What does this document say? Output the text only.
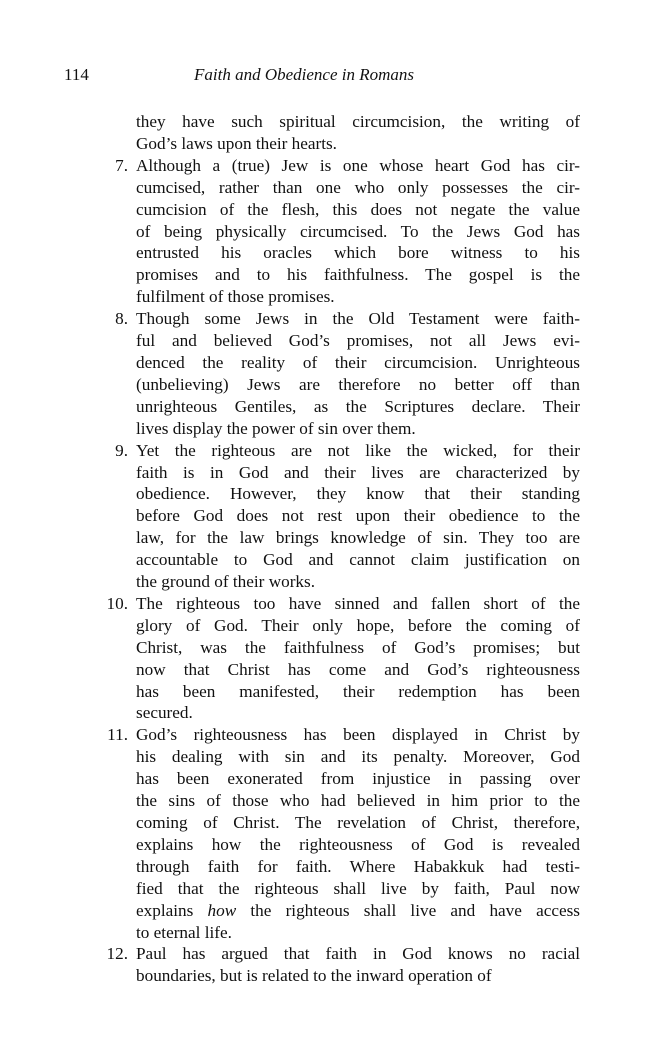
114	Faith and Obedience in Romans
they have such spiritual circumcision, the writing of
God’s laws upon their hearts.
7. Although a (true) Jew is one whose heart God has cir-
cumcised, rather than one who only possesses the cir-
cumcision of the flesh, this does not negate the value
of being physically circumcised. To the Jews God has
entrusted his oracles which bore witness to his
promises and to his faithfulness. The gospel is the
fulfilment of those promises.
8. Though some Jews in the Old Testament were faith-
ful and believed God’s promises, not all Jews evi-
denced the reality of their circumcision. Unrighteous
(unbelieving) Jews are therefore no better off than
unrighteous Gentiles, as the Scriptures declare. Their
lives display the power of sin over them.
9. Yet the righteous are not like the wicked, for their
faith is in God and their lives are characterized by
obedience. However, they know that their standing
before God does not rest upon their obedience to the
law, for the law brings knowledge of sin. They too are
accountable to God and cannot claim justification on
the ground of their works.
10. The righteous too have sinned and fallen short of the
glory of God. Their only hope, before the coming of
Christ, was the faithfulness of God’s promises; but
now that Christ has come and God’s righteousness
has been manifested, their redemption has been
secured.
11. God’s righteousness has been displayed in Christ by
his dealing with sin and its penalty. Moreover, God
has been exonerated from injustice in passing over
the sins of those who had believed in him prior to the
coming of Christ. The revelation of Christ, therefore,
explains how the righteousness of God is revealed
through faith for faith. Where Habakkuk had testi-
fied that the righteous shall live by faith, Paul now
explains how the righteous shall live and have access
to eternal life.
12. Paul has argued that faith in God knows no racial
boundaries, but is related to the inward operation of
